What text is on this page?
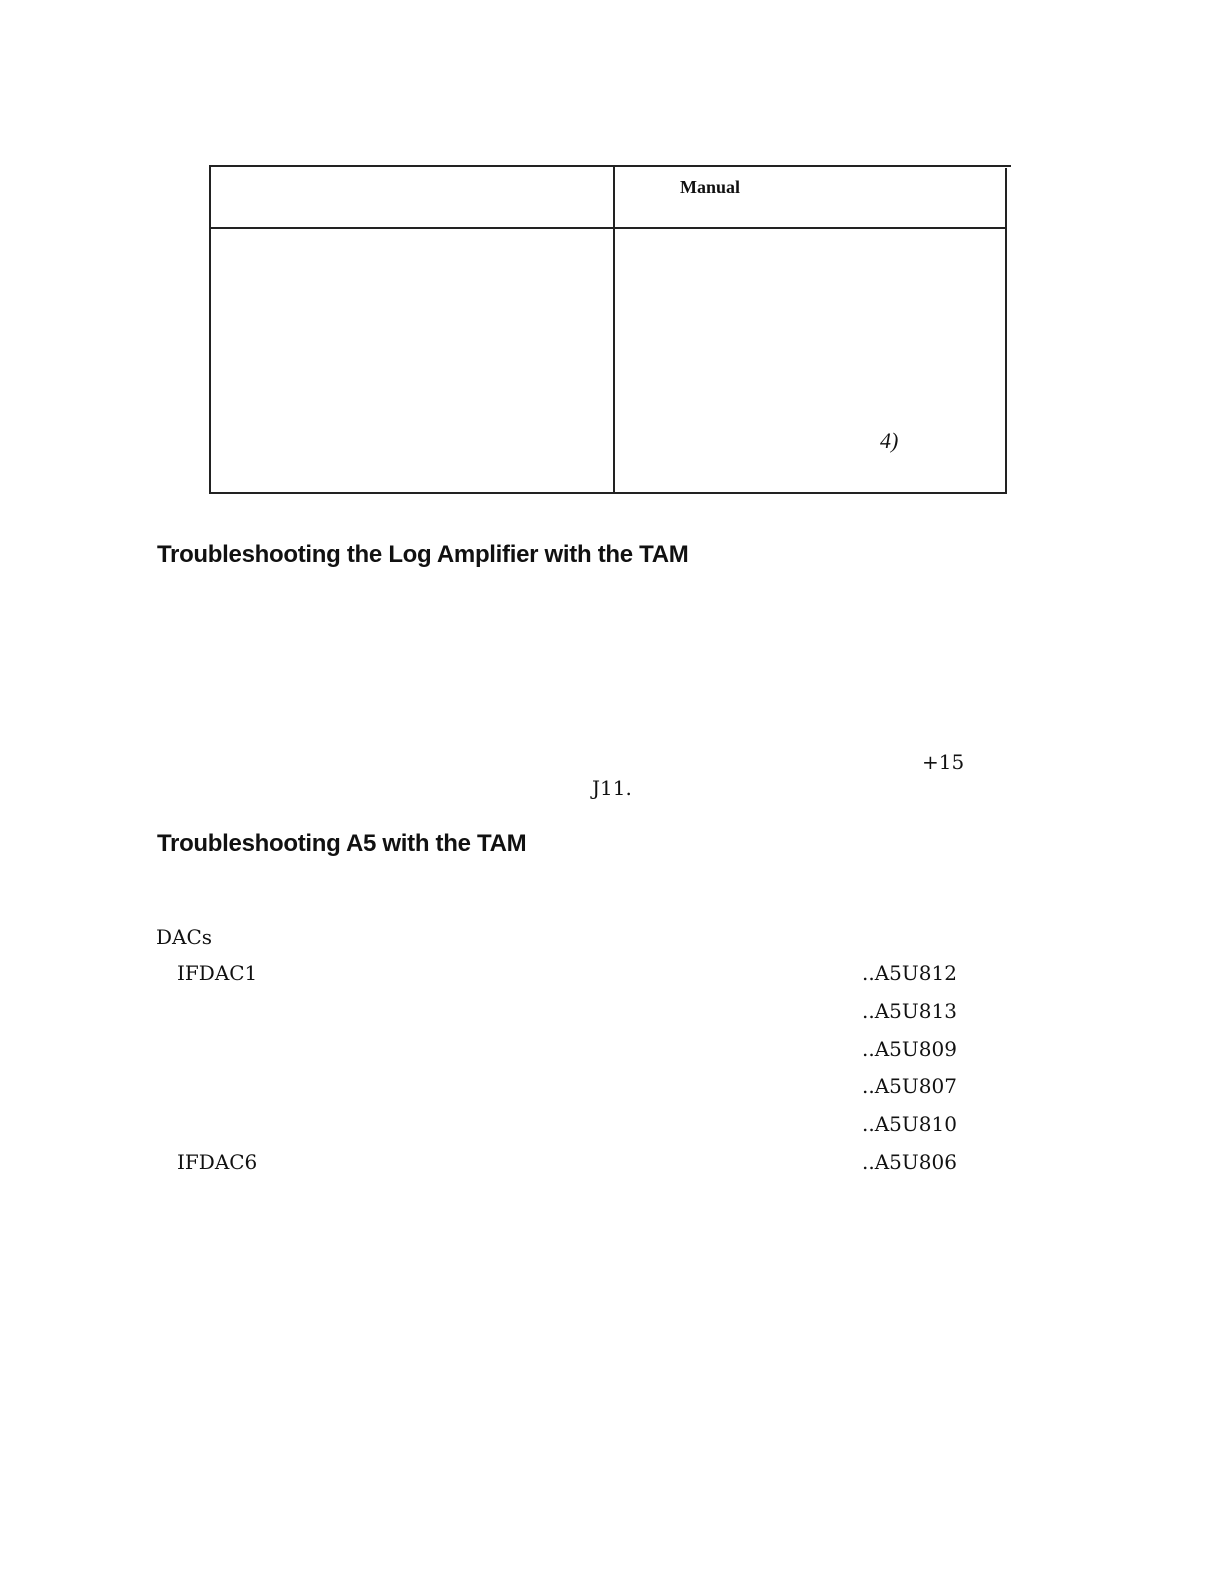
Manual
4)
Troubleshooting the Log Amplifier with the TAM
+15
J11.
Troubleshooting A5 with the TAM
DACs
IFDAC1	..A5U812
..A5U813
..A5U809
..A5U807
..A5U810
IFDAC6	..A5U806
